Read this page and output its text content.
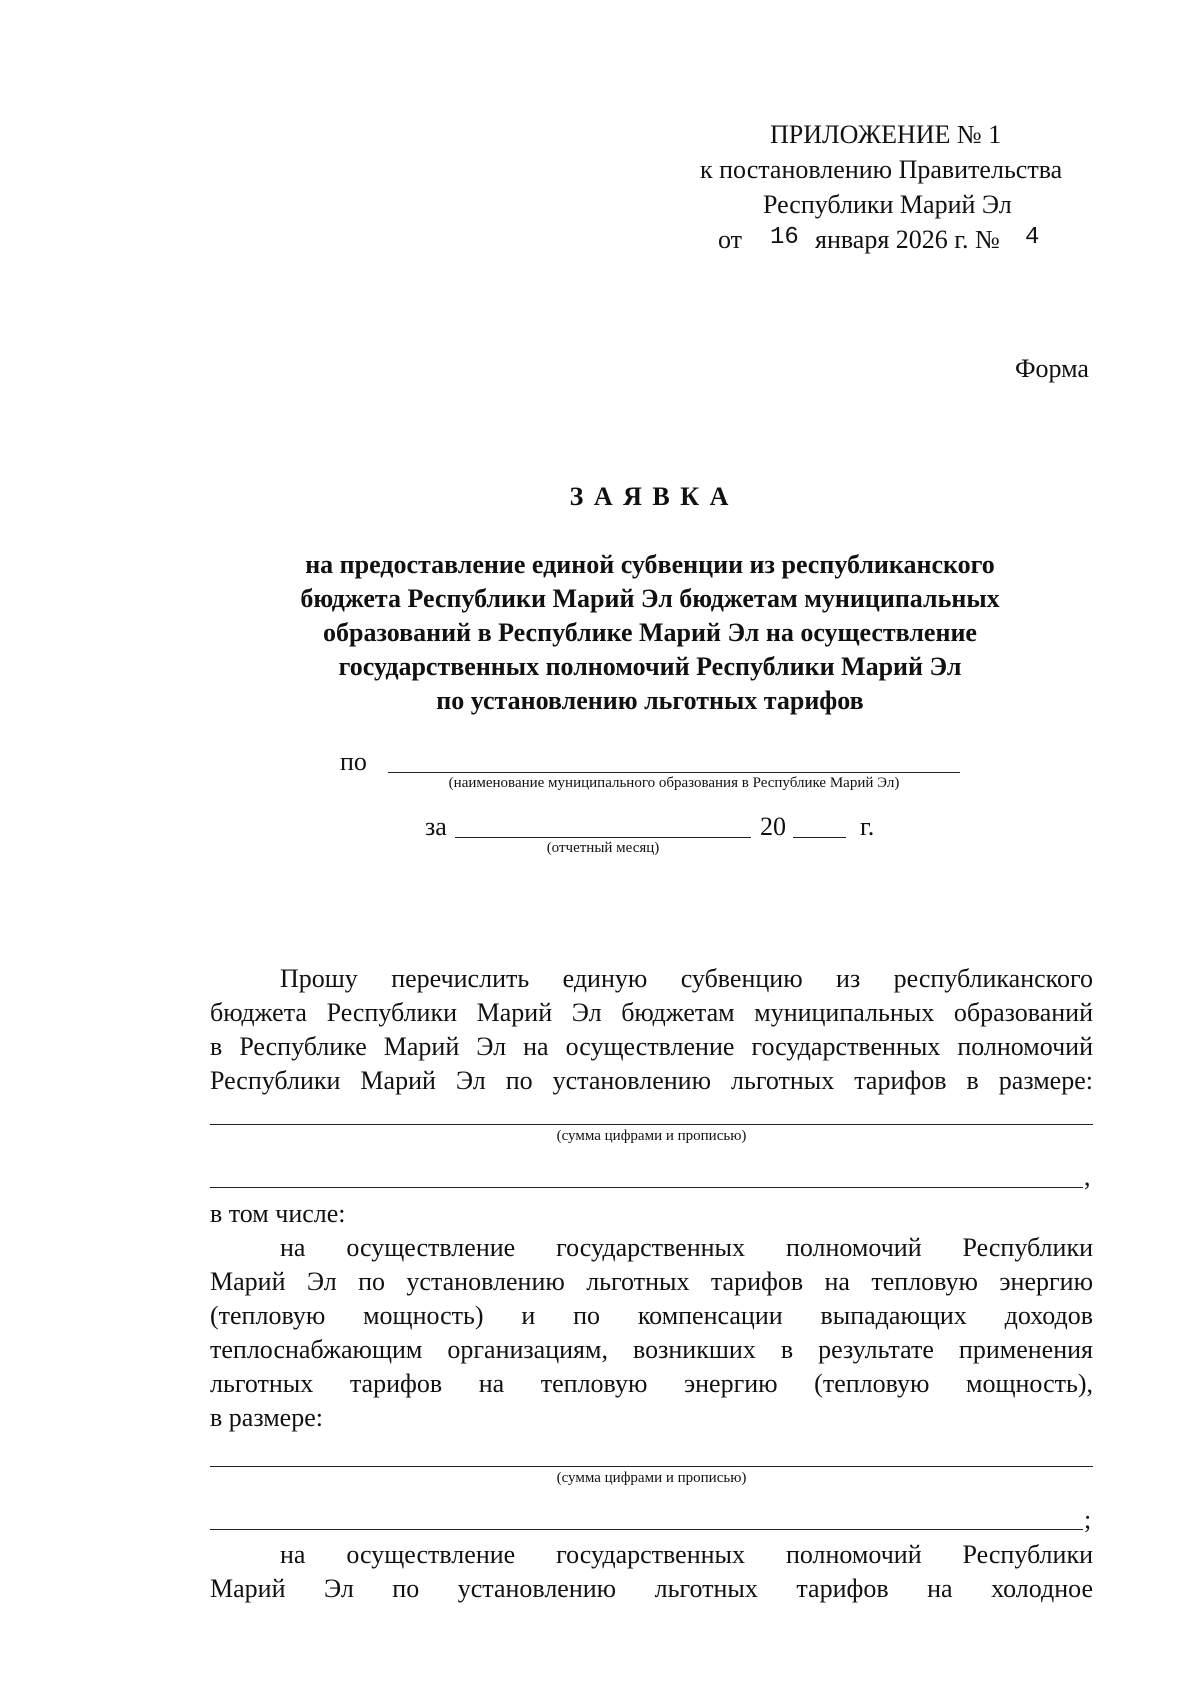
ПРИЛОЖЕНИЕ № 1
к постановлению Правительства
Республики Марий Эл
от 16 января 2026 г. № 4
Форма
З А Я В К А
на предоставление единой субвенции из республиканского
бюджета Республики Марий Эл бюджетам муниципальных
образований в Республике Марий Эл на осуществление
государственных полномочий Республики Марий Эл
по установлению льготных тарифов
по
(наименование муниципального образования в Республике Марий Эл)
за	20	г.
(отчетный месяц)
Прошу перечислить единую субвенцию из республиканского
бюджета Республики Марий Эл бюджетам муниципальных образований
в Республике Марий Эл на осуществление государственных полномочий
Республики Марий Эл по установлению льготных тарифов в размере:
(сумма цифрами и прописью)
,
в том числе:
на осуществление государственных полномочий Республики
Марий Эл по установлению льготных тарифов на тепловую энергию
(тепловую мощность) и по компенсации выпадающих доходов
теплоснабжающим организациям, возникших в результате применения
льготных тарифов на тепловую энергию (тепловую мощность),
в размере:
(сумма цифрами и прописью)
;
на осуществление государственных полномочий Республики
Марий Эл по установлению льготных тарифов на холодное
